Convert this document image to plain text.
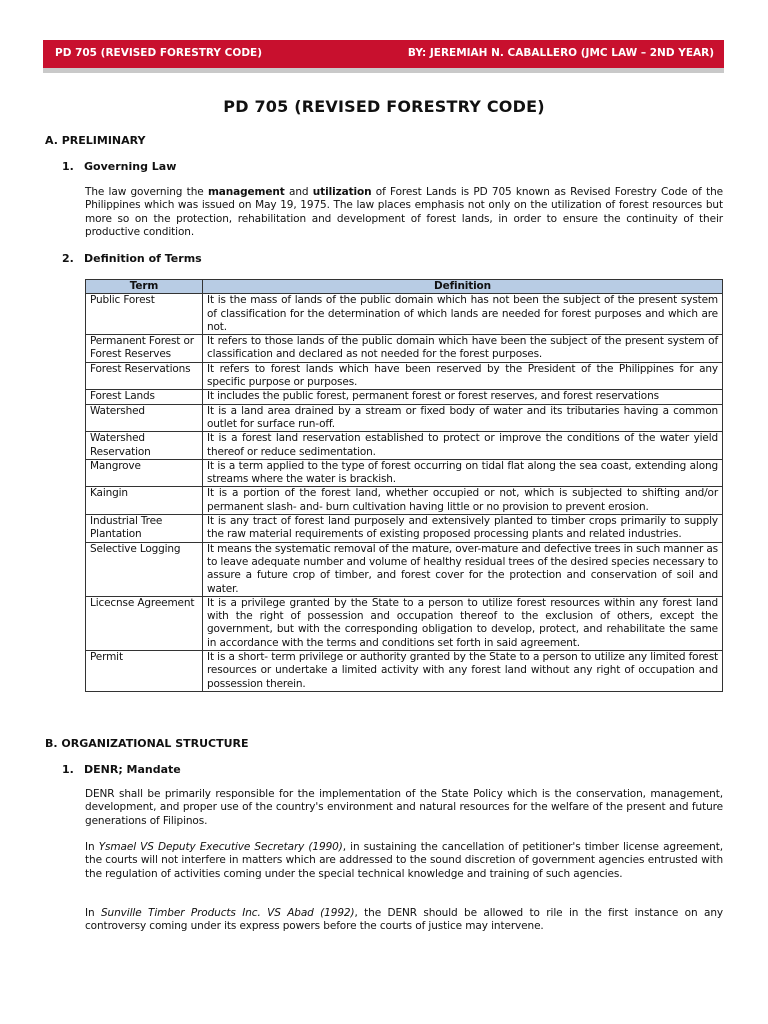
PD 705 (REVISED FORESTRY CODE)	BY: JEREMIAH N. CABALLERO (JMC LAW – 2ND YEAR)
PD 705 (REVISED FORESTRY CODE)
A. PRELIMINARY
1. Governing Law
The law governing the management and utilization of Forest Lands is PD 705 known as Revised Forestry Code of the Philippines which was issued on May 19, 1975. The law places emphasis not only on the utilization of forest resources but more so on the protection, rehabilitation and development of forest lands, in order to ensure the continuity of their productive condition.
2. Definition of Terms
Term	Definition
Public Forest	It is the mass of lands of the public domain which has not been the subject of the present system of classification for the determination of which lands are needed for forest purposes and which are not.
Permanent Forest or Forest Reserves	It refers to those lands of the public domain which have been the subject of the present system of classification and declared as not needed for the forest purposes.
Forest Reservations	It refers to forest lands which have been reserved by the President of the Philippines for any specific purpose or purposes.
Forest Lands	It includes the public forest, permanent forest or forest reserves, and forest reservations
Watershed	It is a land area drained by a stream or fixed body of water and its tributaries having a common outlet for surface run-off.
Watershed Reservation	It is a forest land reservation established to protect or improve the conditions of the water yield thereof or reduce sedimentation.
Mangrove	It is a term applied to the type of forest occurring on tidal flat along the sea coast, extending along streams where the water is brackish.
Kaingin	It is a portion of the forest land, whether occupied or not, which is subjected to shifting and/or permanent slash- and- burn cultivation having little or no provision to prevent erosion.
Industrial Tree Plantation	It is any tract of forest land purposely and extensively planted to timber crops primarily to supply the raw material requirements of existing proposed processing plants and related industries.
Selective Logging	It means the systematic removal of the mature, over-mature and defective trees in such manner as to leave adequate number and volume of healthy residual trees of the desired species necessary to assure a future crop of timber, and forest cover for the protection and conservation of soil and water.
Licecnse Agreement	It is a privilege granted by the State to a person to utilize forest resources within any forest land with the right of possession and occupation thereof to the exclusion of others, except the government, but with the corresponding obligation to develop, protect, and rehabilitate the same in accordance with the terms and conditions set forth in said agreement.
Permit	It is a short- term privilege or authority granted by the State to a person to utilize any limited forest resources or undertake a limited activity with any forest land without any right of occupation and possession therein.
B. ORGANIZATIONAL STRUCTURE
1. DENR; Mandate
DENR shall be primarily responsible for the implementation of the State Policy which is the conservation, management, development, and proper use of the country's environment and natural resources for the welfare of the present and future generations of Filipinos.
In Ysmael VS Deputy Executive Secretary (1990), in sustaining the cancellation of petitioner's timber license agreement, the courts will not interfere in matters which are addressed to the sound discretion of government agencies entrusted with the regulation of activities coming under the special technical knowledge and training of such agencies.
In Sunville Timber Products Inc. VS Abad (1992), the DENR should be allowed to rile in the first instance on any controversy coming under its express powers before the courts of justice may intervene.
